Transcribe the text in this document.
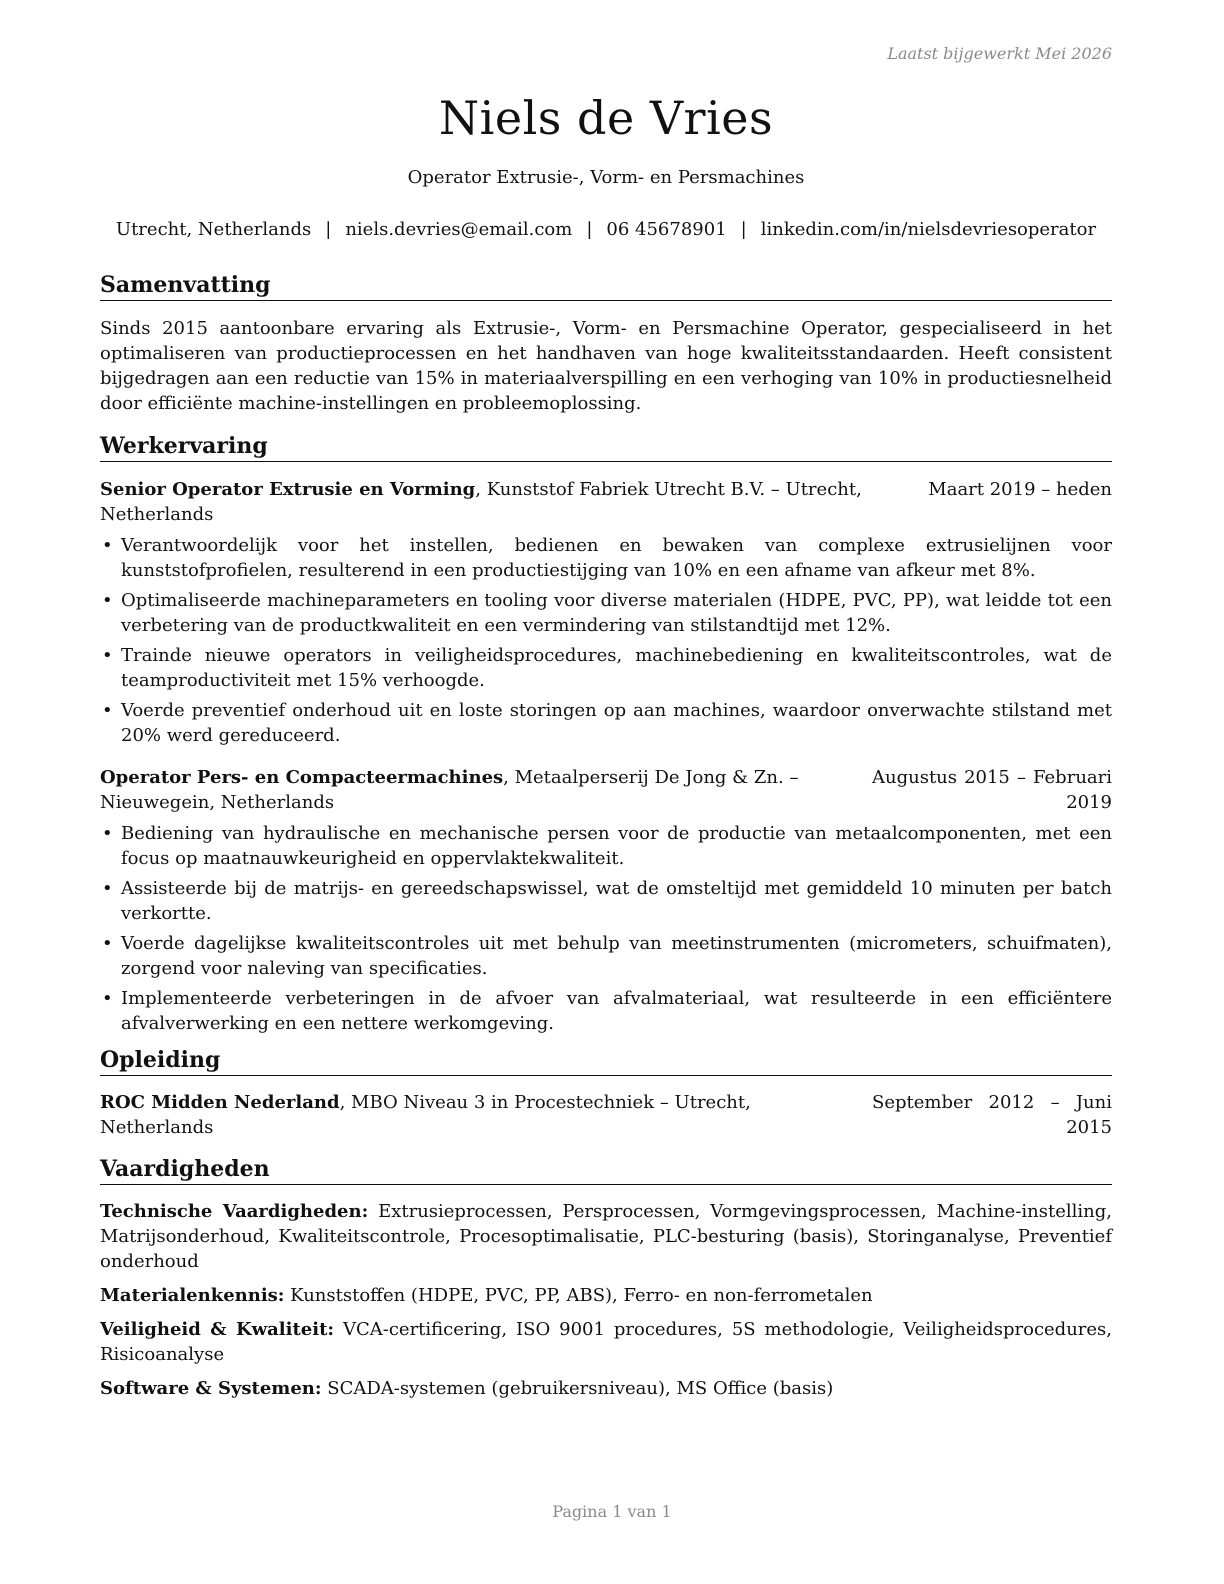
Laatst bijgewerkt Mei 2026
Niels de Vries
Operator Extrusie-, Vorm- en Persmachines
Utrecht, Netherlands | niels.devries@email.com | 06 45678901 | linkedin.com/in/nielsdevriesoperator
Samenvatting
Sinds 2015 aantoonbare ervaring als Extrusie-, Vorm- en Persmachine Operator, gespecialiseerd in het optimaliseren van productieprocessen en het handhaven van hoge kwaliteitsstandaarden. Heeft consistent bijgedragen aan een reductie van 15% in materiaalverspilling en een verhoging van 10% in productiesnelheid door efficiënte machine-instellingen en probleemoplossing.
Werkervaring
Senior Operator Extrusie en Vorming, Kunststof Fabriek Utrecht B.V. – Utrecht, Netherlands
Maart 2019 – heden
• Verantwoordelijk voor het instellen, bedienen en bewaken van complexe extrusielijnen voor kunststofprofielen, resulterend in een productiestijging van 10% en een afname van afkeur met 8%.
• Optimaliseerde machineparameters en tooling voor diverse materialen (HDPE, PVC, PP), wat leidde tot een verbetering van de productkwaliteit en een vermindering van stilstandtijd met 12%.
• Trainde nieuwe operators in veiligheidsprocedures, machinebediening en kwaliteitscontroles, wat de teamproductiviteit met 15% verhoogde.
• Voerde preventief onderhoud uit en loste storingen op aan machines, waardoor onverwachte stilstand met 20% werd gereduceerd.
Operator Pers- en Compacteermachines, Metaalperserij De Jong & Zn. – Nieuwegein, Netherlands
Augustus 2015 – Februari 2019
• Bediening van hydraulische en mechanische persen voor de productie van metaalcomponenten, met een focus op maatnauwkeurigheid en oppervlaktekwaliteit.
• Assisteerde bij de matrijs- en gereedschapswissel, wat de omsteltijd met gemiddeld 10 minuten per batch verkortte.
• Voerde dagelijkse kwaliteitscontroles uit met behulp van meetinstrumenten (micrometers, schuifmaten), zorgend voor naleving van specificaties.
• Implementeerde verbeteringen in de afvoer van afvalmateriaal, wat resulteerde in een efficiëntere afvalverwerking en een nettere werkomgeving.
Opleiding
ROC Midden Nederland, MBO Niveau 3 in Procestechniek – Utrecht, Netherlands
September 2012 – Juni 2015
Vaardigheden
Technische Vaardigheden: Extrusieprocessen, Persprocessen, Vormgevingsprocessen, Machine-instelling, Matrijsonderhoud, Kwaliteitscontrole, Procesoptimalisatie, PLC-besturing (basis), Storinganalyse, Preventief onderhoud
Materialenkennis: Kunststoffen (HDPE, PVC, PP, ABS), Ferro- en non-ferrometalen
Veiligheid & Kwaliteit: VCA-certificering, ISO 9001 procedures, 5S methodologie, Veiligheidsprocedures, Risicoanalyse
Software & Systemen: SCADA-systemen (gebruikersniveau), MS Office (basis)
Pagina 1 van 1
